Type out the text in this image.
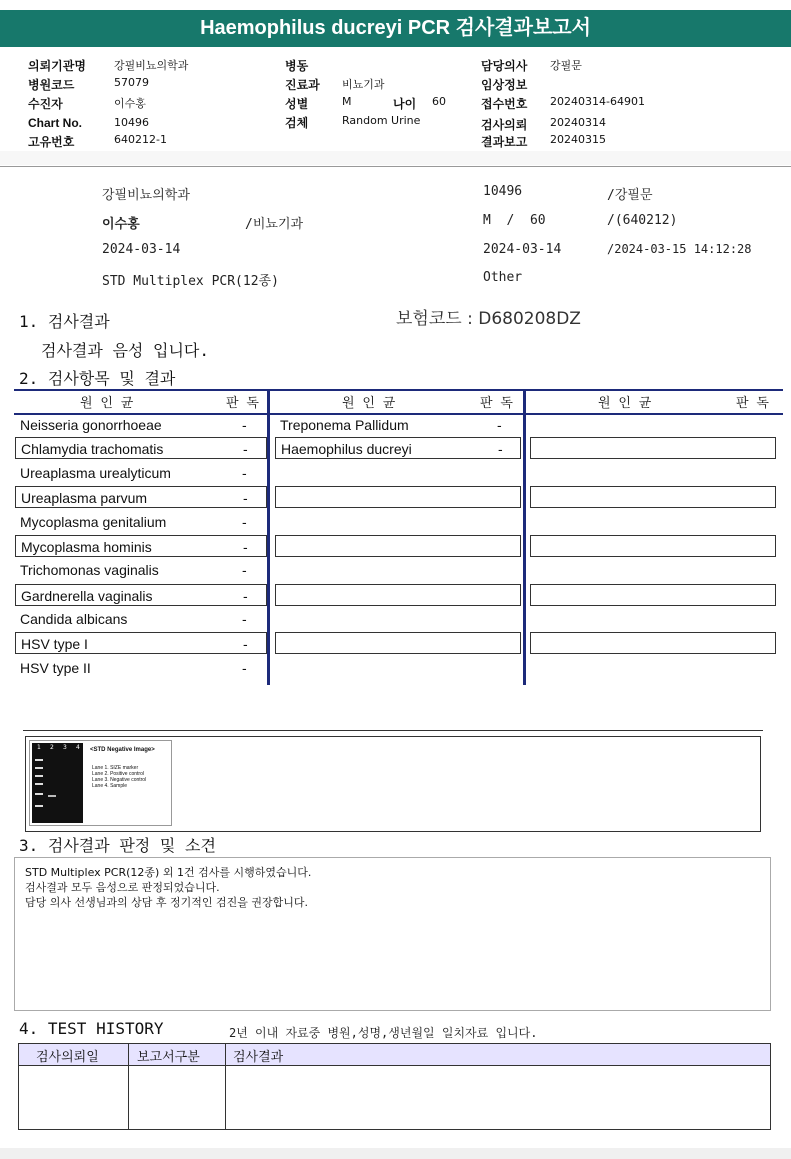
Haemophilus ducreyi PCR 검사결과보고서
의뢰기관명	강필비뇨의학과
병원코드	57079
수진자	이수홍
Chart No.	10496
고유번호	640212-1
병동
진료과 비뇨기과
성별	M	나이 60
검체	Random Urine
담당의사 강필문
임상정보
접수번호 20240314-64901
검사의뢰 20240314
결과보고 20240315
강필비뇨의학과	10496	/강필문
이수홍	/비뇨기과	M  /  60	/(640212)
2024-03-14	2024-03-14	/2024-03-15 14:12:28
STD Multiplex PCR(12종)	Other
1. 검사결과	보험코드 : D680208DZ
검사결과 음성 입니다.
2. 검사항목 및 결과
원 인 균	판 독	원 인 균	판 독	원 인 균	판 독
Neisseria gonorrhoeae	-
Chlamydia trachomatis	-
Ureaplasma urealyticum	-
Ureaplasma parvum	-
Mycoplasma genitalium	-
Mycoplasma hominis	-
Trichomonas vaginalis	-
Gardnerella vaginalis	-
Candida albicans	-
HSV type I	-
HSV type II	-
Treponema Pallidum	-
Haemophilus ducreyi	-
1 2 3 4 <STD Negative Image>
Lane 1. SIZE marker
Lane 2. Positive control
Lane 3. Negative control
Lane 4. Sample
3. 검사결과 판정 및 소견
STD Multiplex PCR(12종) 외 1건 검사를 시행하였습니다.
검사결과 모두 음성으로 판정되었습니다.
담당 의사 선생님과의 상담 후 정기적인 검진을 권장합니다.
4. TEST HISTORY	2년 이내 자료중 병원,성명,생년월일 일치자료 입니다.
검사의뢰일	보고서구분	검사결과
